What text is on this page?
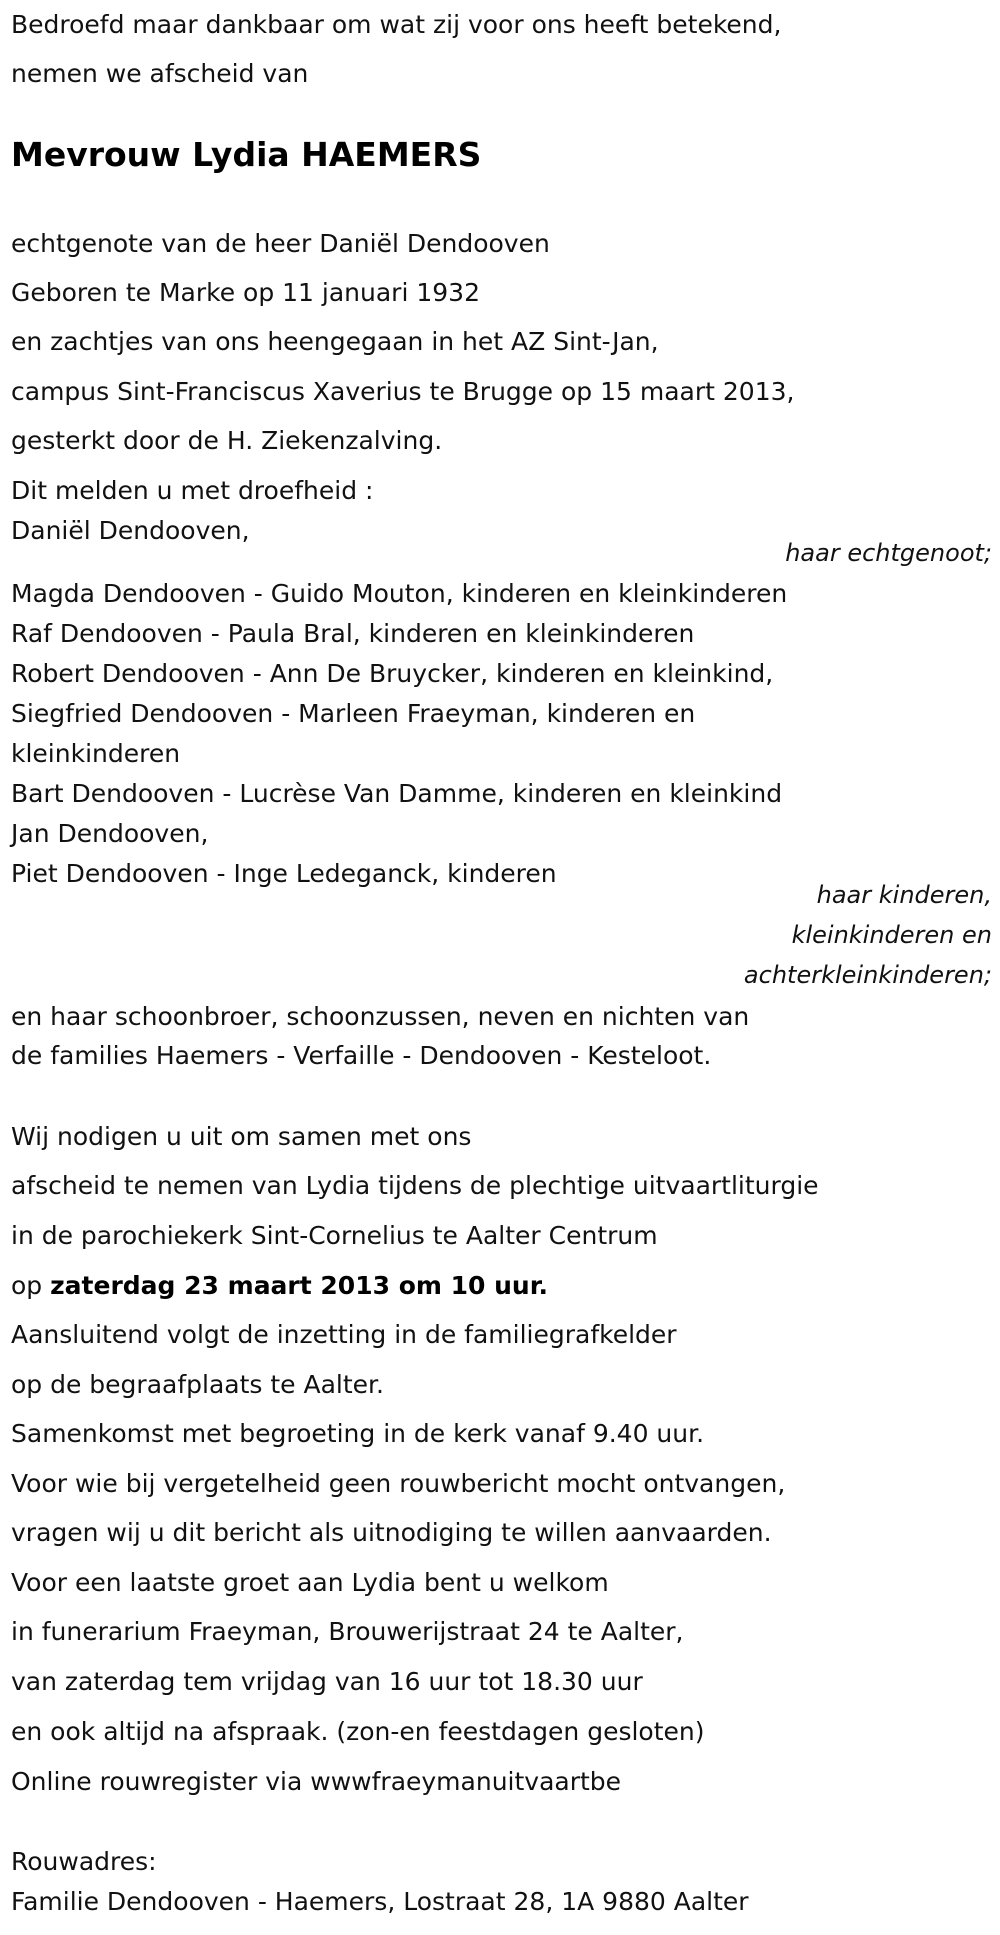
Bedroefd maar dankbaar om wat zij voor ons heeft betekend,
nemen we afscheid van
Mevrouw Lydia HAEMERS
echtgenote van de heer Daniël Dendooven
Geboren te Marke op 11 januari 1932
en zachtjes van ons heengegaan in het AZ Sint-Jan,
campus Sint-Franciscus Xaverius te Brugge op 15 maart 2013,
gesterkt door de H. Ziekenzalving.
Dit melden u met droefheid :
Daniël Dendooven,
haar echtgenoot;
Magda Dendooven - Guido Mouton, kinderen en kleinkinderen
Raf Dendooven - Paula Bral, kinderen en kleinkinderen
Robert Dendooven - Ann De Bruycker, kinderen en kleinkind,
Siegfried Dendooven - Marleen Fraeyman, kinderen en
kleinkinderen
Bart Dendooven - Lucrèse Van Damme, kinderen en kleinkind
Jan Dendooven,
Piet Dendooven - Inge Ledeganck, kinderen
haar kinderen,
kleinkinderen en
achterkleinkinderen;
en haar schoonbroer, schoonzussen, neven en nichten van
de families Haemers - Verfaille - Dendooven - Kesteloot.
Wij nodigen u uit om samen met ons
afscheid te nemen van Lydia tijdens de plechtige uitvaartliturgie
in de parochiekerk Sint-Cornelius te Aalter Centrum
op zaterdag 23 maart 2013 om 10 uur.
Aansluitend volgt de inzetting in de familiegrafkelder
op de begraafplaats te Aalter.
Samenkomst met begroeting in de kerk vanaf 9.40 uur.
Voor wie bij vergetelheid geen rouwbericht mocht ontvangen,
vragen wij u dit bericht als uitnodiging te willen aanvaarden.
Voor een laatste groet aan Lydia bent u welkom
in funerarium Fraeyman, Brouwerijstraat 24 te Aalter,
van zaterdag tem vrijdag van 16 uur tot 18.30 uur
en ook altijd na afspraak. (zon-en feestdagen gesloten)
Online rouwregister via wwwfraeymanuitvaartbe
Rouwadres:
Familie Dendooven - Haemers, Lostraat 28, 1A 9880 Aalter
